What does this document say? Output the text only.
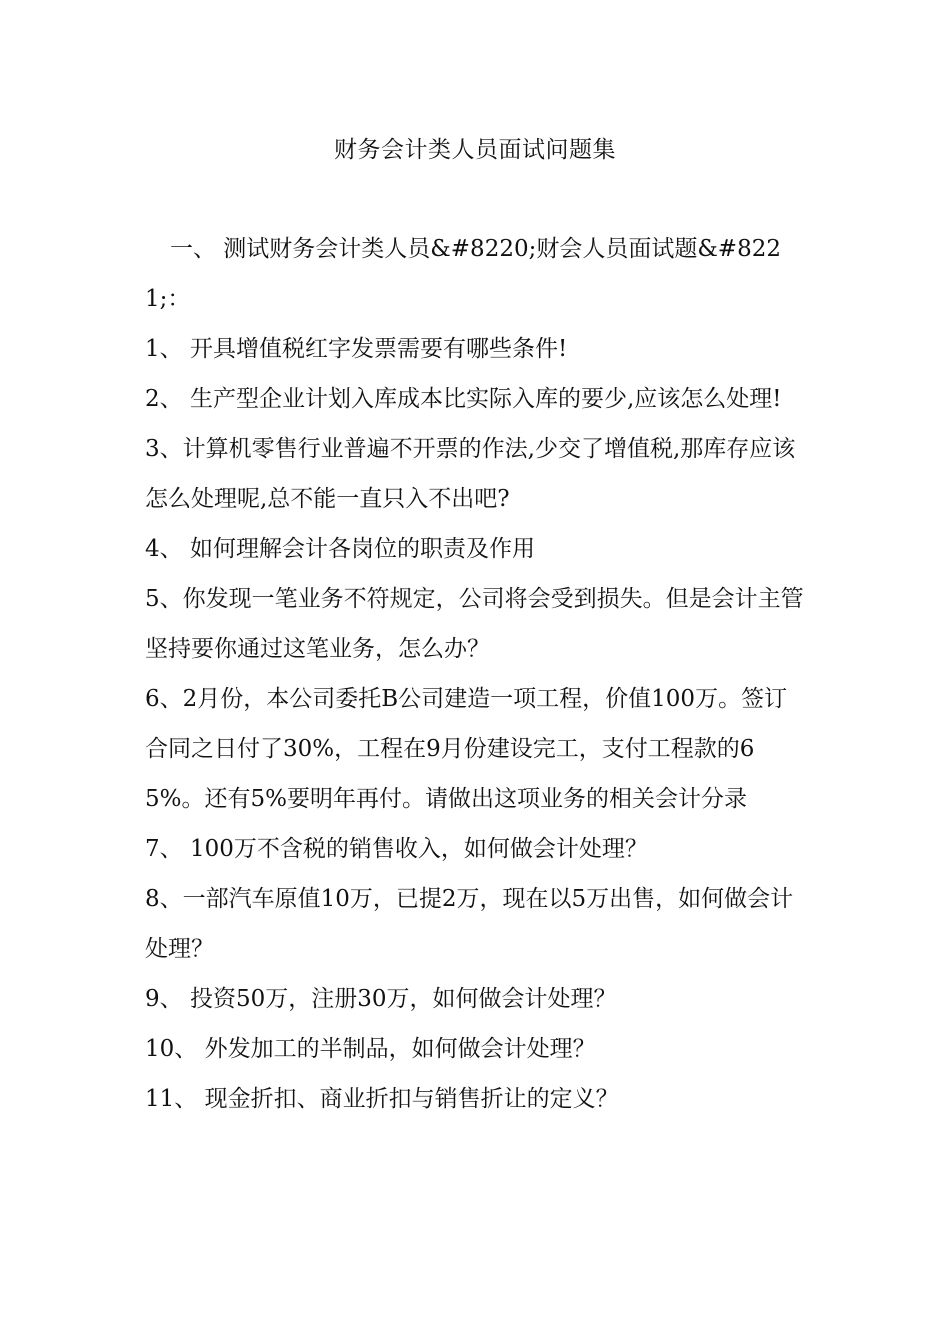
财务会计类人员面试问题集

一、 测试财务会计类人员&#8220;财会人员面试题&#8221;：

1、 开具增值税红字发票需要有哪些条件!

2、 生产型企业计划入库成本比实际入库的要少,应该怎么处理!

3、计算机零售行业普遍不开票的作法,少交了增值税,那库存应该怎么处理呢,总不能一直只入不出吧?

4、 如何理解会计各岗位的职责及作用

5、你发现一笔业务不符规定，公司将会受到损失。但是会计主管坚持要你通过这笔业务，怎么办？

6、2月份，本公司委托B公司建造一项工程，价值100万。签订合同之日付了30%，工程在9月份建设完工，支付工程款的65%。还有5%要明年再付。请做出这项业务的相关会计分录

7、 100万不含税的销售收入，如何做会计处理？

8、一部汽车原值10万，已提2万，现在以5万出售，如何做会计处理？

9、 投资50万，注册30万，如何做会计处理？

10、 外发加工的半制品，如何做会计处理？

11、 现金折扣、商业折扣与销售折让的定义？
